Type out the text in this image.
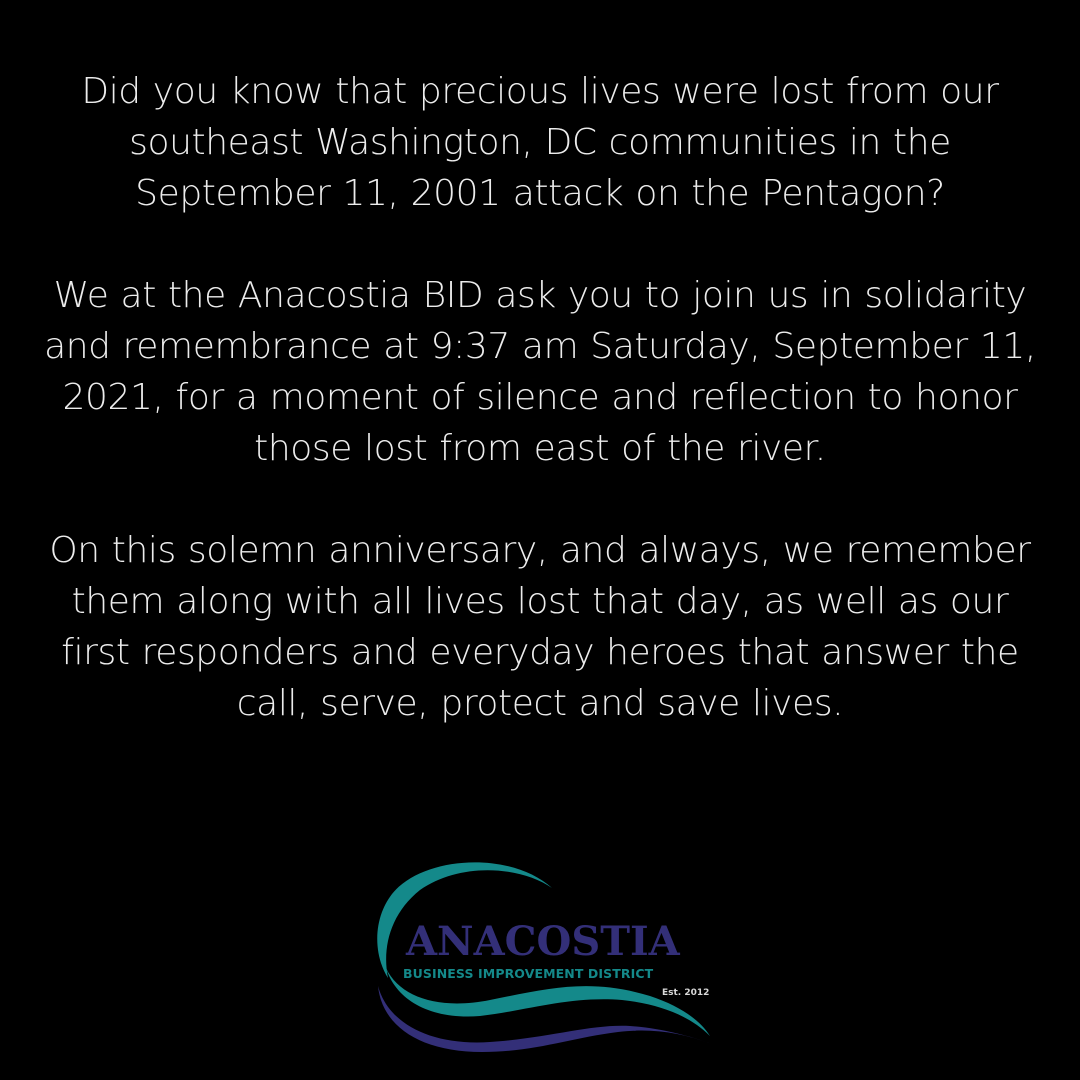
Did you know that precious lives were lost from our southeast Washington, DC communities in the September 11, 2001 attack on the Pentagon?

We at the Anacostia BID ask you to join us in solidarity and remembrance at 9:37 am Saturday, September 11, 2021, for a moment of silence and reflection to honor those lost from east of the river.

On this solemn anniversary, and always, we remember them along with all lives lost that day, as well as our first responders and everyday heroes that answer the call, serve, protect and save lives.

ANACOSTIA
BUSINESS IMPROVEMENT DISTRICT
Est. 2012
